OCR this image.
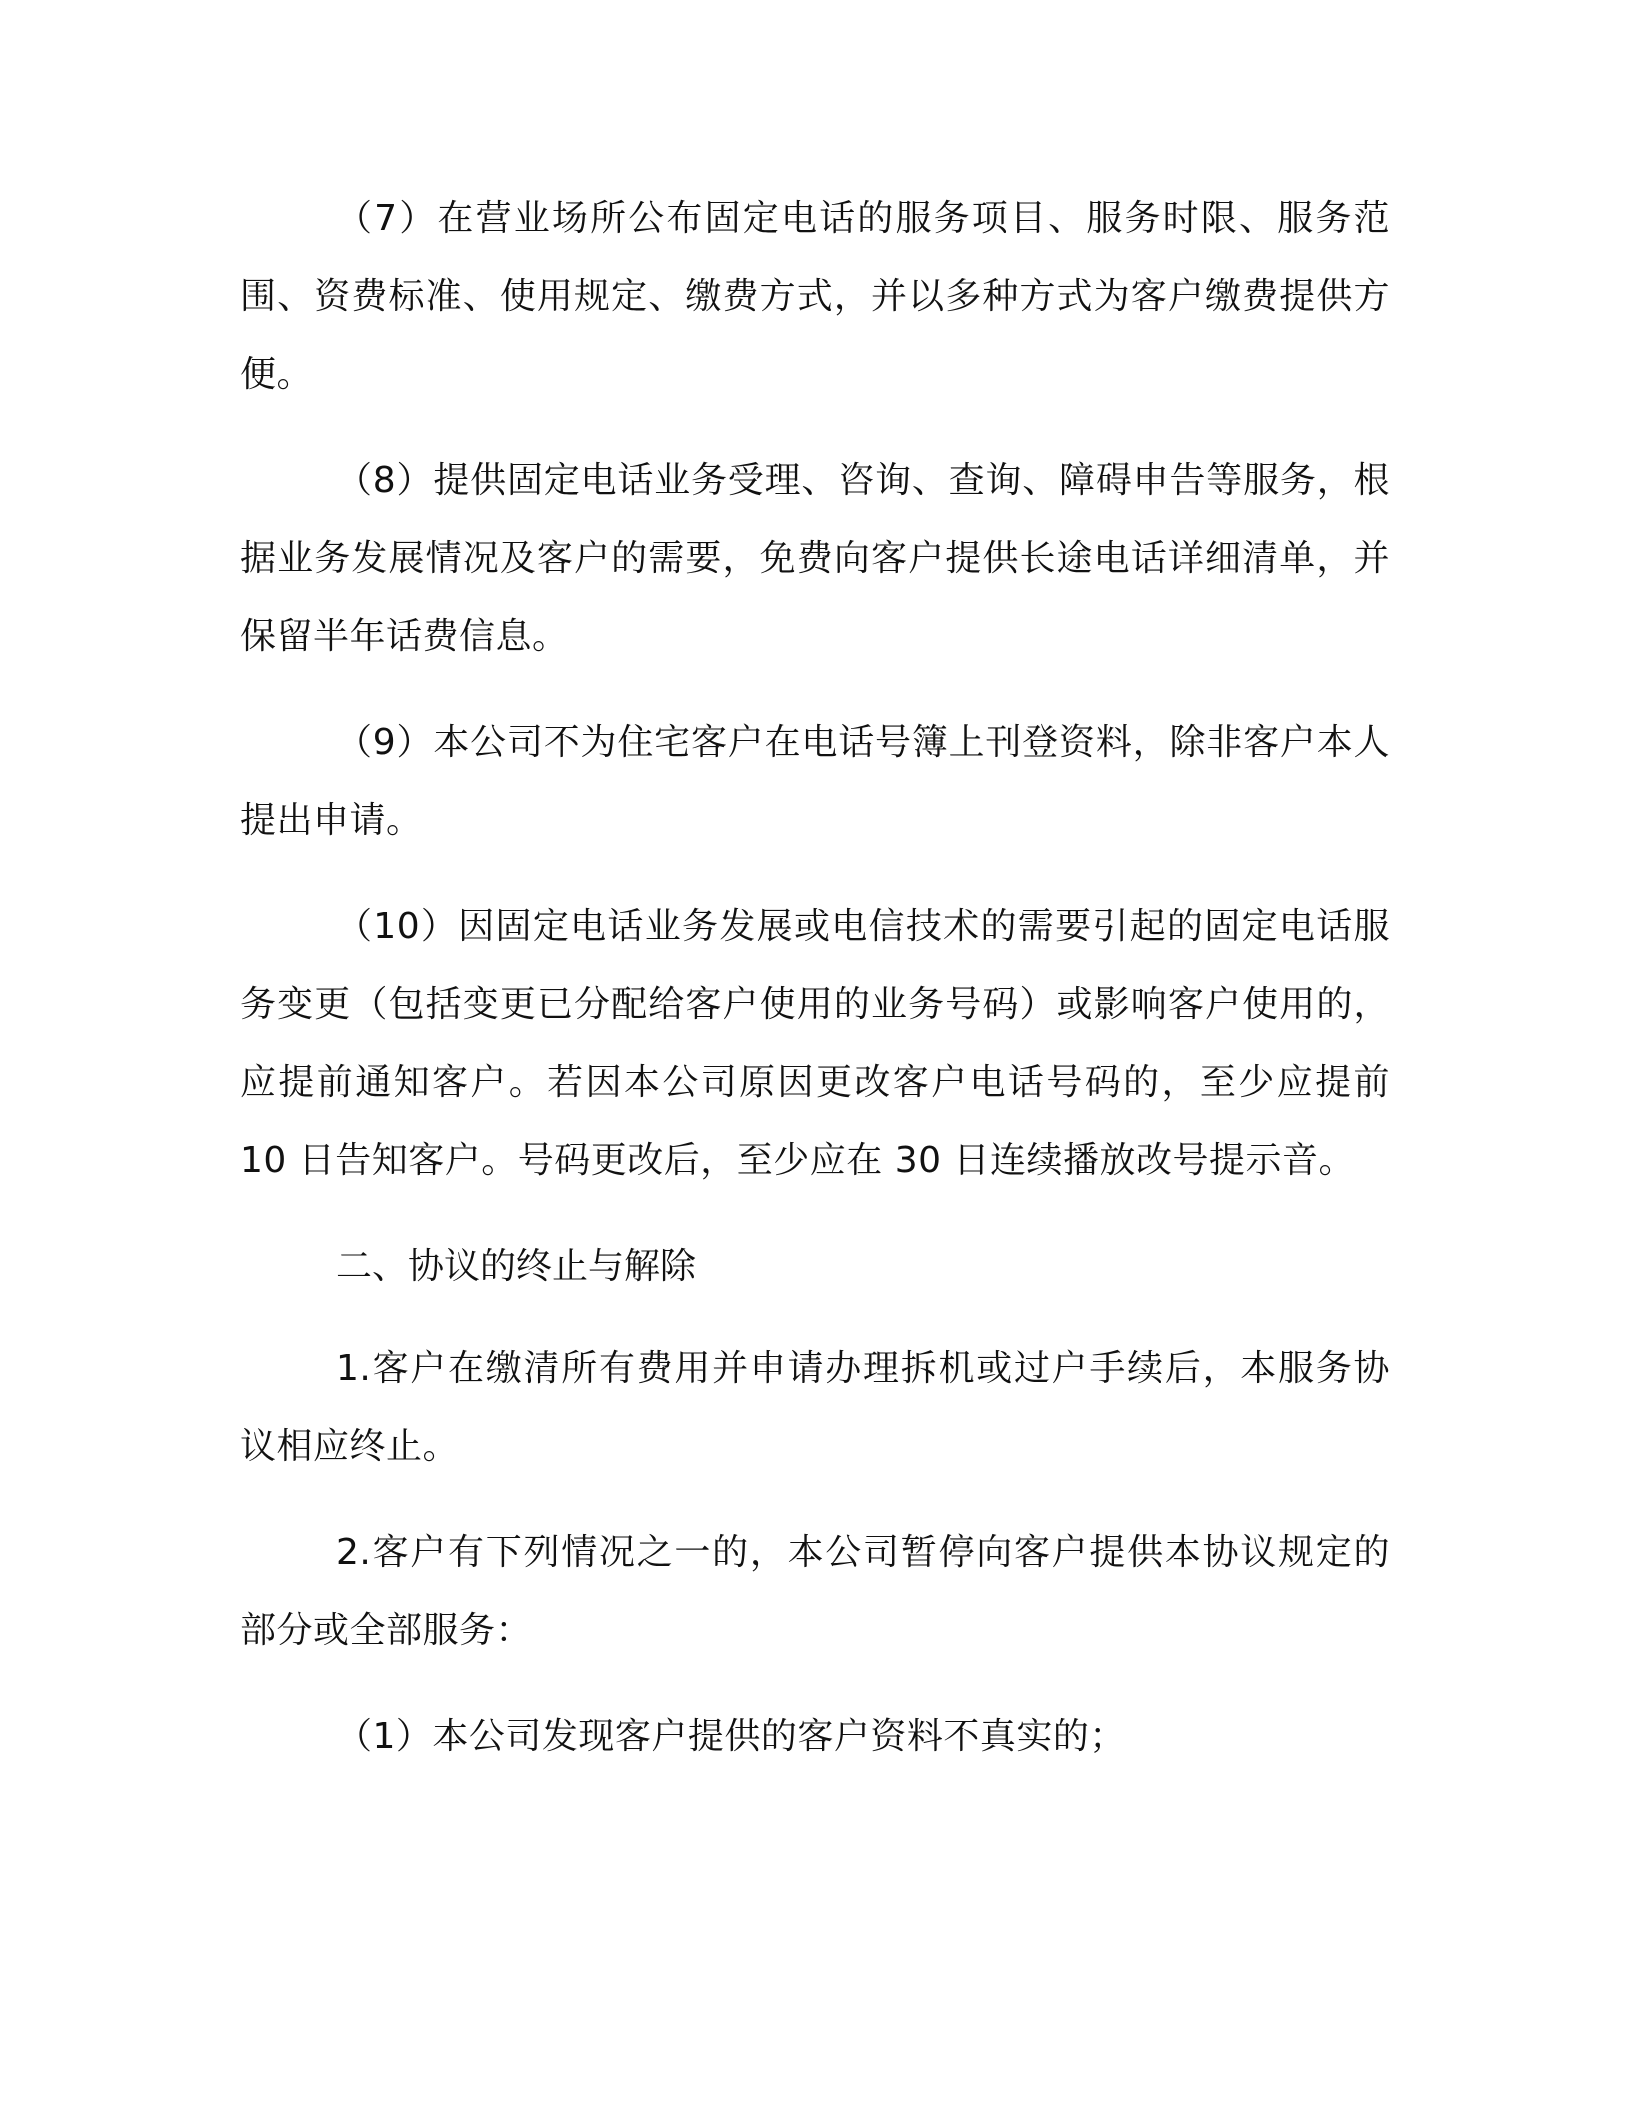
（7）在营业场所公布固定电话的服务项目、服务时限、服务范围、资费标准、使用规定、缴费方式，并以多种方式为客户缴费提供方便。

（8）提供固定电话业务受理、咨询、查询、障碍申告等服务，根据业务发展情况及客户的需要，免费向客户提供长途电话详细清单，并保留半年话费信息。

（9）本公司不为住宅客户在电话号簿上刊登资料，除非客户本人提出申请。

（10）因固定电话业务发展或电信技术的需要引起的固定电话服务变更（包括变更已分配给客户使用的业务号码）或影响客户使用的，应提前通知客户。若因本公司原因更改客户电话号码的，至少应提前 10 日告知客户。号码更改后，至少应在 30 日连续播放改号提示音。

二、协议的终止与解除

1.客户在缴清所有费用并申请办理拆机或过户手续后，本服务协议相应终止。

2.客户有下列情况之一的，本公司暂停向客户提供本协议规定的部分或全部服务：

（1）本公司发现客户提供的客户资料不真实的；
